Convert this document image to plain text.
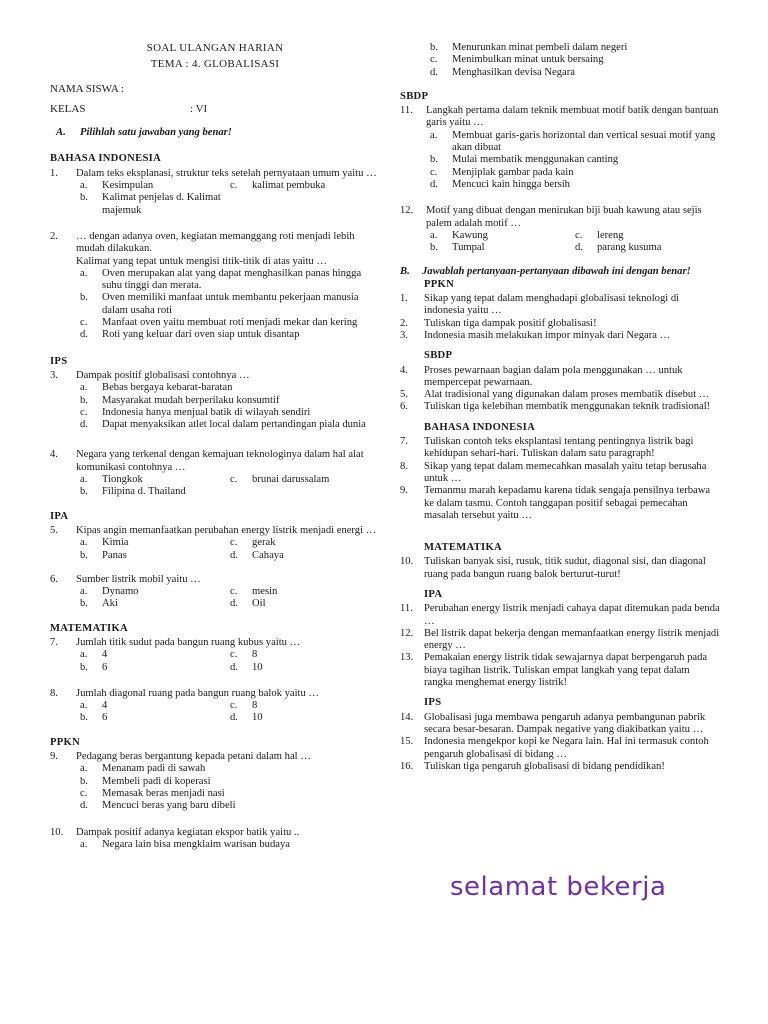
SOAL ULANGAN HARIAN
TEMA : 4. GLOBALISASI
NAMA SISWA :
KELAS	: VI
A.	Pilihlah satu jawaban yang benar!
BAHASA INDONESIA
1.	Dalam teks eksplanasi, struktur teks setelah pernyataan umum yaitu …
a.	Kesimpulan	c.	kalimat pembuka
b.	Kalimat penjelas d. Kalimat majemuk
2.	… dengan adanya oven, kegiatan memanggang roti menjadi lebih mudah dilakukan.
Kalimat yang tepat untuk mengisi titik-titik di atas yaitu …
a.	Oven merupakan alat yang dapat menghasilkan panas hingga suhu tinggi dan merata.
b.	Oven memiliki manfaat untuk membantu pekerjaan manusia dalam usaha roti
c.	Manfaat oven yaitu membuat roti menjadi mekar dan kering
d.	Roti yang keluar dari oven siap untuk disantap
IPS
3.	Dampak positif globalisasi contohnya …
a.	Bebas bergaya kebarat-baratan
b.	Masyarakat mudah berperilaku konsumtif
c.	Indonesia hanya menjual batik di wilayah sendiri
d.	Dapat menyaksikan atlet local dalam pertandingan piala dunia
4.	Negara yang terkenal dengan kemajuan teknologinya dalam hal alat komunikasi contohnya …
a.	Tiongkok	c.	brunai darussalam
b.	Filipina d. Thailand
IPA
5.	Kipas angin memanfaatkan perubahan energy listrik menjadi energi …
a.	Kimia	c.	gerak
b.	Panas	d.	Cahaya
6.	Sumber listrik mobil yaitu …
a.	Dynamo	c.	mesin
b.	Aki	d.	Oil
MATEMATIKA
7.	Jumlah titik sudut pada bangun ruang kubus yaitu …
a.	4	c.	8
b.	6	d.	10
8.	Jumlah diagonal ruang pada bangun ruang balok yaitu …
a.	4	c.	8
b.	6	d.	10
PPKN
9.	Pedagang beras bergantung kepada petani dalam hal …
a.	Menanam padi di sawah
b.	Membeli padi di koperasi
c.	Memasak beras menjadi nasi
d.	Mencuci beras yang baru dibeli
10.	Dampak positif adanya kegiatan ekspor batik yaitu ..
a.	Negara lain bisa mengklaim warisan budaya
b.	Menurunkan minat pembeli dalam negeri
c.	Menimbulkan minat untuk bersaing
d.	Menghasilkan devisa Negara
SBDP
11.	Langkah pertama dalam teknik membuat motif batik dengan bantuan garis yaitu …
a.	Membuat garis-garis horizontal dan vertical sesuai motif yang akan dibuat
b.	Mulai membatik menggunakan canting
c.	Menjiplak gambar pada kain
d.	Mencuci kain hingga bersih
12.	Motif yang dibuat dengan menirukan biji buah kawung atau sejis palem adalah motif …
a.	Kawung	c.	lereng
b.	Tumpal	d.	parang kusuma
B.	Jawablah pertanyaan-pertanyaan dibawah ini dengan benar!
PPKN
1.	Sikap yang tepat dalam menghadapi globalisasi teknologi di indonesia yaitu …
2.	Tuliskan tiga dampak positif globalisasi!
3.	Indonesia masih melakukan impor minyak dari Negara …
SBDP
4.	Proses pewarnaan bagian dalam pola menggunakan … untuk mempercepat pewarnaan.
5.	Alat tradisional yang digunakan dalam proses membatik disebut …
6.	Tuliskan tiga kelebihan membatik menggunakan teknik tradisional!
BAHASA INDONESIA
7.	Tuliskan contoh teks eksplantasi tentang pentingnya listrik bagi kehidupan sehari-hari. Tuliskan dalam satu paragraph!
8.	Sikap yang tepat dalam memecahkan masalah yaitu tetap berusaha untuk …
9.	Temanmu marah kepadamu karena tidak sengaja pensilnya terbawa ke dalam tasmu. Contoh tanggapan positif sebagai pemecahan masalah tersebut yaitu …
MATEMATIKA
10.	Tuliskan banyak sisi, rusuk, titik sudut, diagonal sisi, dan diagonal ruang pada bangun ruang balok berturut-turut!
IPA
11.	Perubahan energy listrik menjadi cahaya dapat ditemukan pada benda …
12.	Bel listrik dapat bekerja dengan memanfaatkan energy listrik menjadi energy …
13.	Pemakaian energy listrik tidak sewajarnya dapat berpengaruh pada biaya tagihan listrik. Tuliskan empat langkah yang tepat dalam rangka menghemat energy listrik!
IPS
14.	Globalisasi juga membawa pengaruh adanya pembangunan pabrik secara besar-besaran. Dampak negative yang diakibatkan yaitu …
15.	Indonesia mengekpor kopi ke Negara lain. Hal ini termasuk contoh pengaruh globalisasi di bidang …
16.	Tuliskan tiga pengaruh globalisasi di bidang pendidikan!
selamat bekerja
